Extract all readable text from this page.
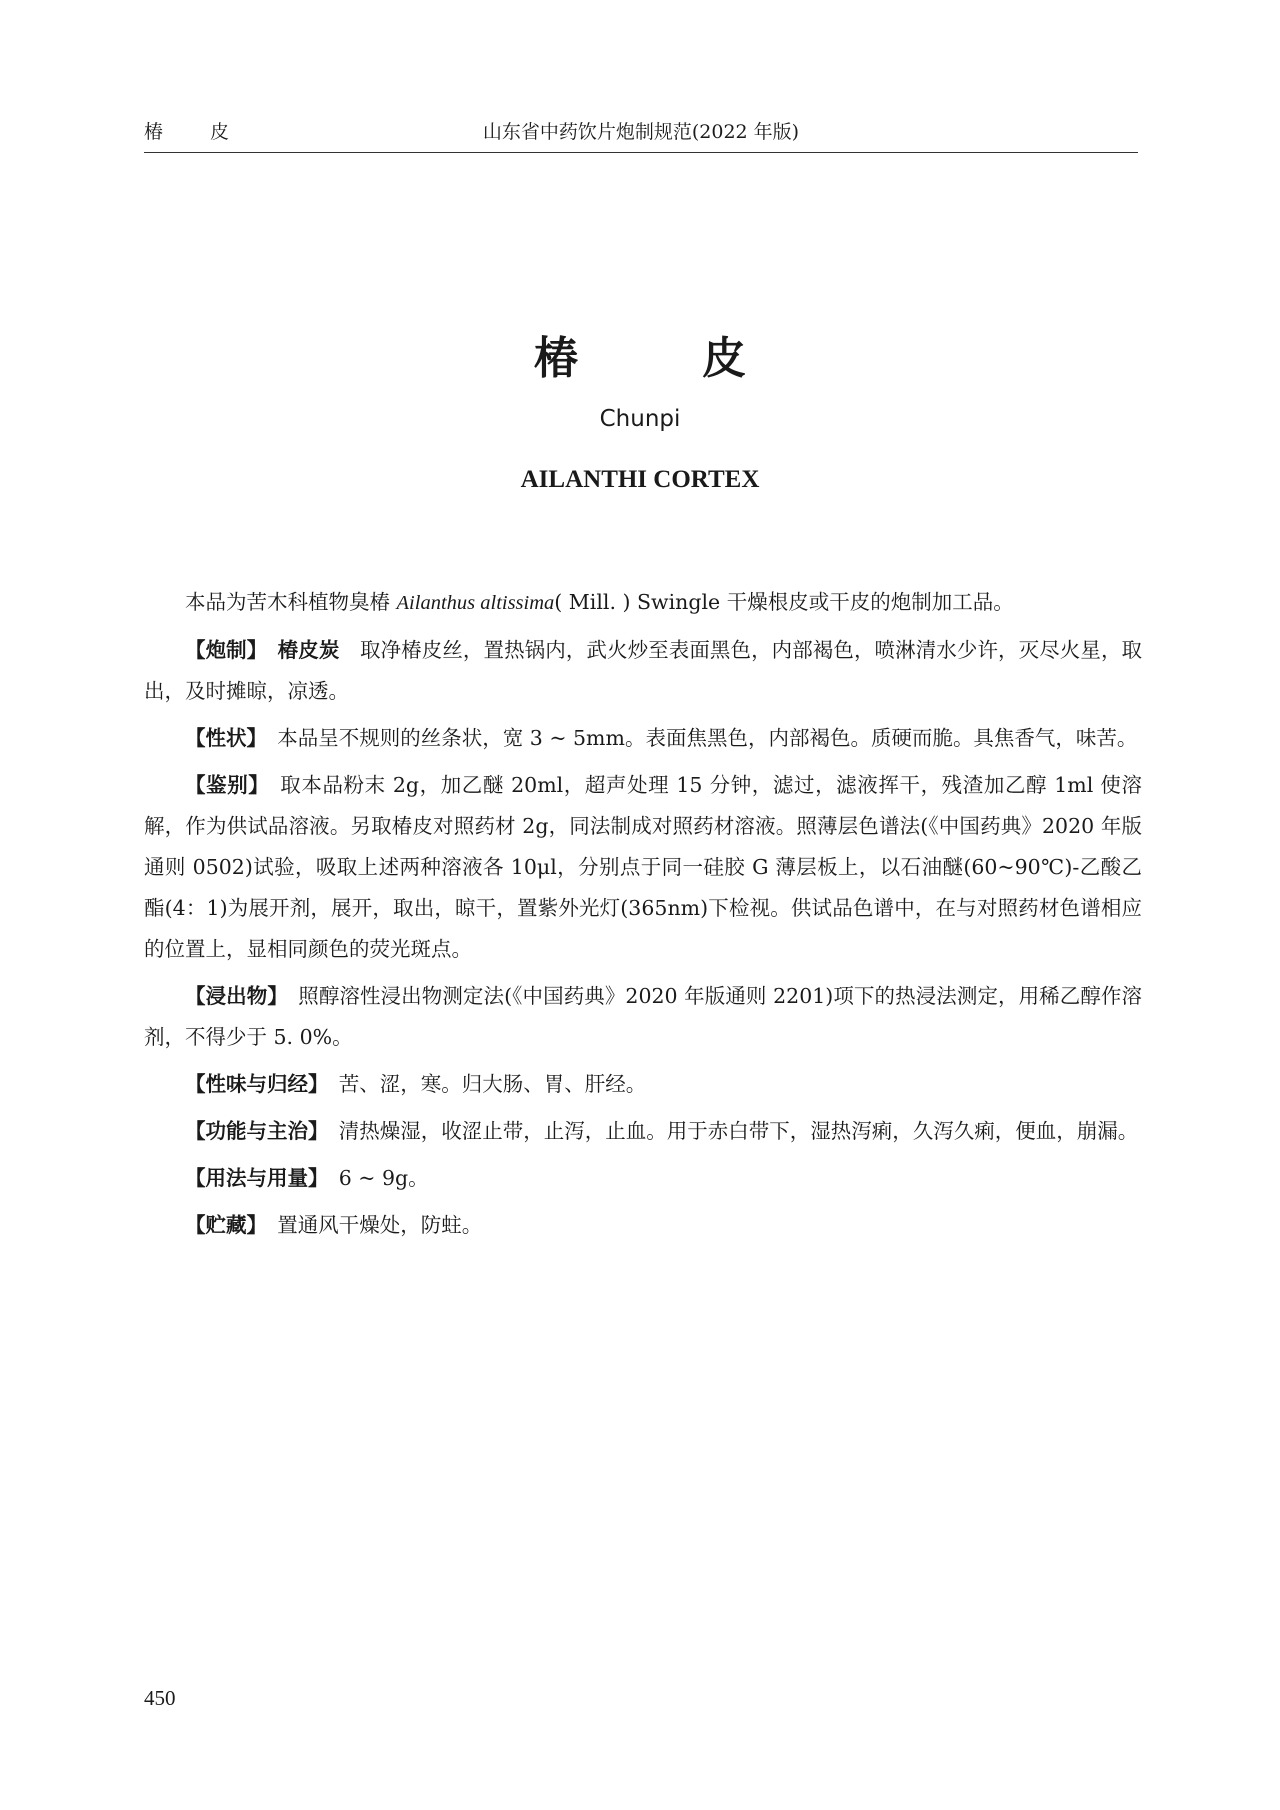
椿　皮	山东省中药饮片炮制规范(2022 年版)
椿　皮
Chunpi
AILANTHI CORTEX

本品为苦木科植物臭椿 Ailanthus altissima( Mill. ) Swingle 干燥根皮或干皮的炮制加工品。

【炮制】　 椿皮炭　 取净椿皮丝，置热锅内，武火炒至表面黑色，内部褐色，喷淋清水少许，灭尽火星，取出，及时摊晾，凉透。

【性状】　 本品呈不规则的丝条状，宽 3 ~ 5mm。表面焦黑色，内部褐色。质硬而脆。具焦香气，味苦。

【鉴别】　 取本品粉末 2g，加乙醚 20ml，超声处理 15 分钟，滤过，滤液挥干，残渣加乙醇 1ml 使溶解，作为供试品溶液。另取椿皮对照药材 2g，同法制成对照药材溶液。照薄层色谱法(《中国药典》2020 年版通则 0502)试验，吸取上述两种溶液各 10μl，分别点于同一硅胶 G 薄层板上，以石油醚(60~90℃)-乙酸乙酯(4：1)为展开剂，展开，取出，晾干，置紫外光灯(365nm)下检视。供试品色谱中，在与对照药材色谱相应的位置上，显相同颜色的荧光斑点。

【浸出物】　 照醇溶性浸出物测定法(《中国药典》2020 年版通则 2201)项下的热浸法测定，用稀乙醇作溶剂，不得少于 5. 0%。

【性味与归经】　 苦、涩，寒。归大肠、胃、肝经。

【功能与主治】　 清热燥湿，收涩止带，止泻，止血。用于赤白带下，湿热泻痢，久泻久痢，便血，崩漏。

【用法与用量】　 6 ~ 9g。

【贮藏】　 置通风干燥处，防蛀。

450
